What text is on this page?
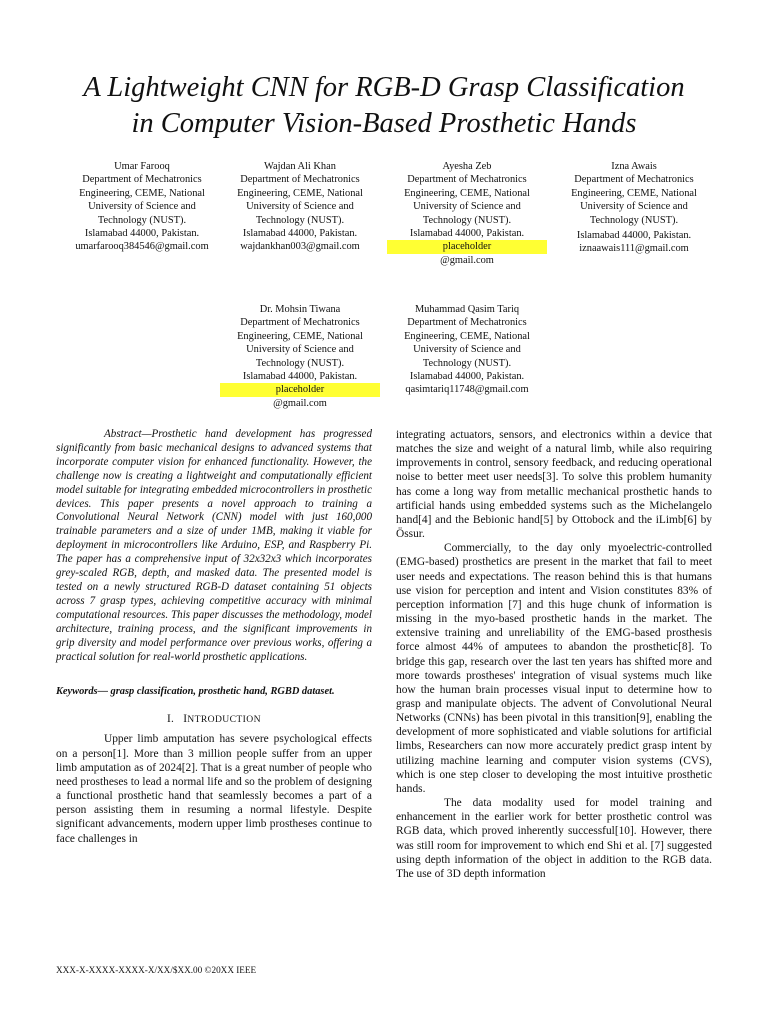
A Lightweight CNN for RGB-D Grasp Classification
in Computer Vision-Based Prosthetic Hands
Umar Farooq
Department of Mechatronics
Engineering, CEME, National
University of Science and
Technology (NUST).
Islamabad 44000, Pakistan.
umarfarooq384546@gmail.com
Wajdan Ali Khan
Department of Mechatronics
Engineering, CEME, National
University of Science and
Technology (NUST).
Islamabad 44000, Pakistan.
wajdankhan003@gmail.com
Ayesha Zeb
Department of Mechatronics
Engineering, CEME, National
University of Science and
Technology (NUST).
Islamabad 44000, Pakistan.
placeholder
@gmail.com
Izna Awais
Department of Mechatronics
Engineering, CEME, National
University of Science and
Technology (NUST).
Islamabad 44000, Pakistan.
iznaawais111@gmail.com
Dr. Mohsin Tiwana
Department of Mechatronics
Engineering, CEME, National
University of Science and
Technology (NUST).
Islamabad 44000, Pakistan.
placeholder
@gmail.com
Muhammad Qasim Tariq
Department of Mechatronics
Engineering, CEME, National
University of Science and
Technology (NUST).
Islamabad 44000, Pakistan.
qasimtariq11748@gmail.com

Abstract—Prosthetic hand development has progressed significantly from basic mechanical designs to advanced systems that incorporate computer vision for enhanced functionality. However, the challenge now is creating a lightweight and computationally efficient model suitable for integrating embedded microcontrollers in prosthetic devices. This paper presents a novel approach to training a Convolutional Neural Network (CNN) model with just 160,000 trainable parameters and a size of under 1MB, making it viable for deployment in microcontrollers like Arduino, ESP, and Raspberry Pi. The paper has a comprehensive input of 32x32x3 which incorporates grey-scaled RGB, depth, and masked data. The presented model is tested on a newly structured RGB-D dataset containing 51 objects across 7 grasp types, achieving competitive accuracy with minimal computational resources. This paper discusses the methodology, model architecture, training process, and the significant improvements in grip diversity and model performance over previous works, offering a practical solution for real-world prosthetic applications.

Keywords— grasp classification, prosthetic hand, RGBD dataset.

I. INTRODUCTION

Upper limb amputation has severe psychological effects on a person[1]. More than 3 million people suffer from an upper limb amputation as of 2024[2]. That is a great number of people who need prostheses to lead a normal life and so the problem of designing a functional prosthetic hand that seamlessly becomes a part of a person assisting them in resuming a normal lifestyle. Despite significant advancements, modern upper limb prostheses continue to face challenges in

integrating actuators, sensors, and electronics within a device that matches the size and weight of a natural limb, while also requiring improvements in control, sensory feedback, and reducing operational noise to better meet user needs[3]. To solve this problem humanity has come a long way from metallic mechanical prosthetic hands to artificial hands using embedded systems such as the Michelangelo hand[4] and the Bebionic hand[5] by Ottobock and the iLimb[6] by Össur.

Commercially, to the day only myoelectric-controlled (EMG-based) prosthetics are present in the market that fail to meet user needs and expectations. The reason behind this is that humans use vision for perception and intent and Vision constitutes 83% of perception information [7] and this huge chunk of information is missing in the myo-based prosthetic hands in the market. The extensive training and unreliability of the EMG-based prosthesis force almost 44% of amputees to abandon the prosthetic[8]. To bridge this gap, research over the last ten years has shifted more and more towards prostheses' integration of visual systems much like how the human brain processes visual input to determine how to grasp and manipulate objects. The advent of Convolutional Neural Networks (CNNs) has been pivotal in this transition[9], enabling the development of more sophisticated and viable solutions for artificial limbs, Researchers can now more accurately predict grasp intent by utilizing machine learning and computer vision systems (CVS), which is one step closer to developing the most intuitive prosthetic hands.

The data modality used for model training and enhancement in the earlier work for better prosthetic control was RGB data, which proved inherently successful[10]. However, there was still room for improvement to which end Shi et al. [7] suggested using depth information of the object in addition to the RGB data. The use of 3D depth information

XXX-X-XXXX-XXXX-X/XX/$XX.00 ©20XX IEEE
